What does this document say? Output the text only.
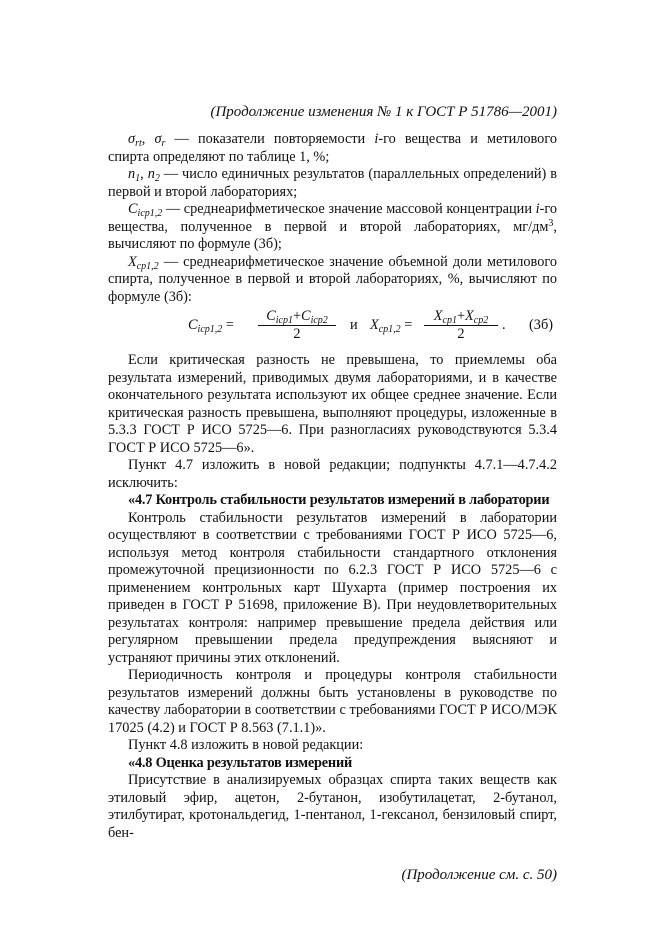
(Продолжение изменения № 1 к ГОСТ Р 51786—2001)

$\sigma_{rt}$, $\sigma_r$ — показатели повторяемости i-го вещества и метилового спирта определяют по таблице 1, %;

$n_1$, $n_2$ — число единичных результатов (параллельных определений) в первой и второй лабораториях;

$C_{icp1,2}$ — среднеарифметическое значение массовой концентрации i-го вещества, полученное в первой и второй лабораториях, $мг/дм^3$, вычисляют по формуле (3б);

$X_{cp1,2}$ — среднеарифметическое значение объемной доли метилового спирта, полученное в первой и второй лабораториях, %, вычисляют по формуле (3б):

$C_{icp1,2}$ =
$C_{icp1}+C_{icp2}$
2
и $X_{cp1,2}$ =
$X_{cp1}+X_{cp2}$
2
. (3б)

Если критическая разность не превышена, то приемлемы оба результата измерений, приводимых двумя лабораториями, и в качестве окончательного результата используют их общее среднее значение. Если критическая разность превышена, выполняют процедуры, изложенные в 5.3.3 ГОСТ Р ИСО 5725—6. При разногласиях руководствуются 5.3.4 ГОСТ Р ИСО 5725—6».

Пункт 4.7 изложить в новой редакции; подпункты 4.7.1—4.7.4.2 исключить:

«4.7 Контроль стабильности результатов измерений в лаборатории

Контроль стабильности результатов измерений в лаборатории осуществляют в соответствии с требованиями ГОСТ Р ИСО 5725—6, используя метод контроля стабильности стандартного отклонения промежуточной прецизионности по 6.2.3 ГОСТ Р ИСО 5725—6 с применением контрольных карт Шухарта (пример построения их приведен в ГОСТ Р 51698, приложение В). При неудовлетворительных результатах контроля: например превышение предела действия или регулярном превышении предела предупреждения выясняют и устраняют причины этих отклонений.

Периодичность контроля и процедуры контроля стабильности результатов измерений должны быть установлены в руководстве по качеству лаборатории в соответствии с требованиями ГОСТ Р ИСО/МЭК 17025 (4.2) и ГОСТ Р 8.563 (7.1.1)».

Пункт 4.8 изложить в новой редакции:

«4.8 Оценка результатов измерений

Присутствие в анализируемых образцах спирта таких веществ как этиловый эфир, ацетон, 2-бутанон, изобутилацетат, 2-бутанол, этилбутират, кротональдегид, 1-пентанол, 1-гексанол, бензиловый спирт, бен-

(Продолжение см. с. 50)
